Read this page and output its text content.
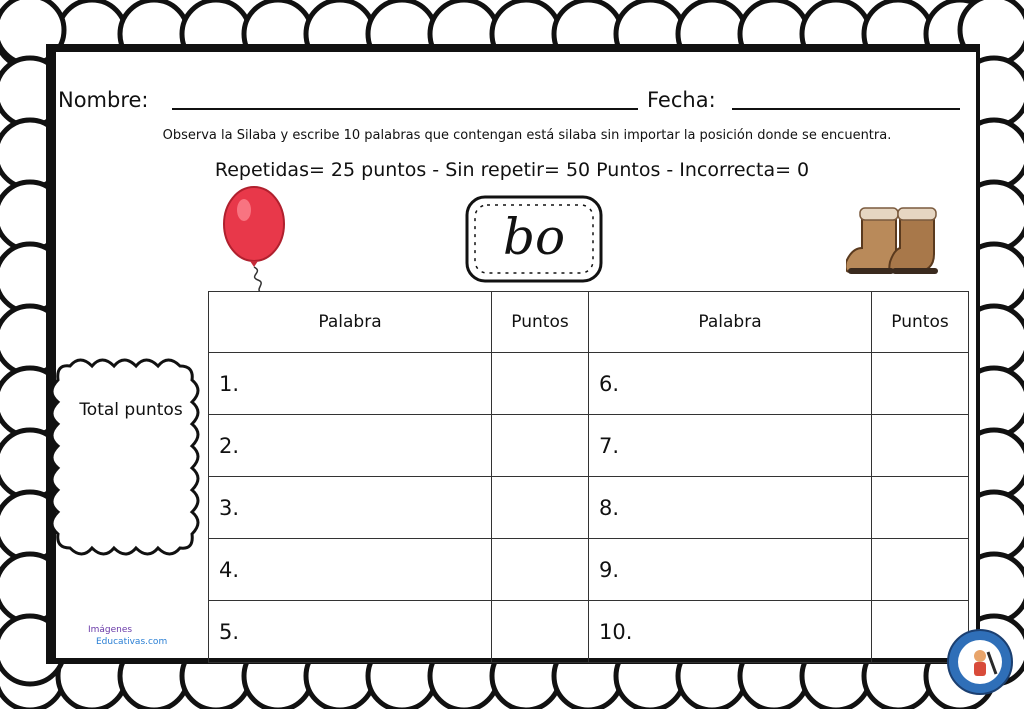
Nombre:	Fecha:
Observa la Silaba y escribe 10 palabras que contengan está silaba sin importar la posición donde se encuentra.
Repetidas= 25 puntos - Sin repetir= 50 Puntos - Incorrecta= 0
bo
Total puntos
Palabra	Puntos	Palabra	Puntos
1.		6.	
2.		7.	
3.		8.	
4.		9.	
5.		10.	
Imágenes
Educativas.com
